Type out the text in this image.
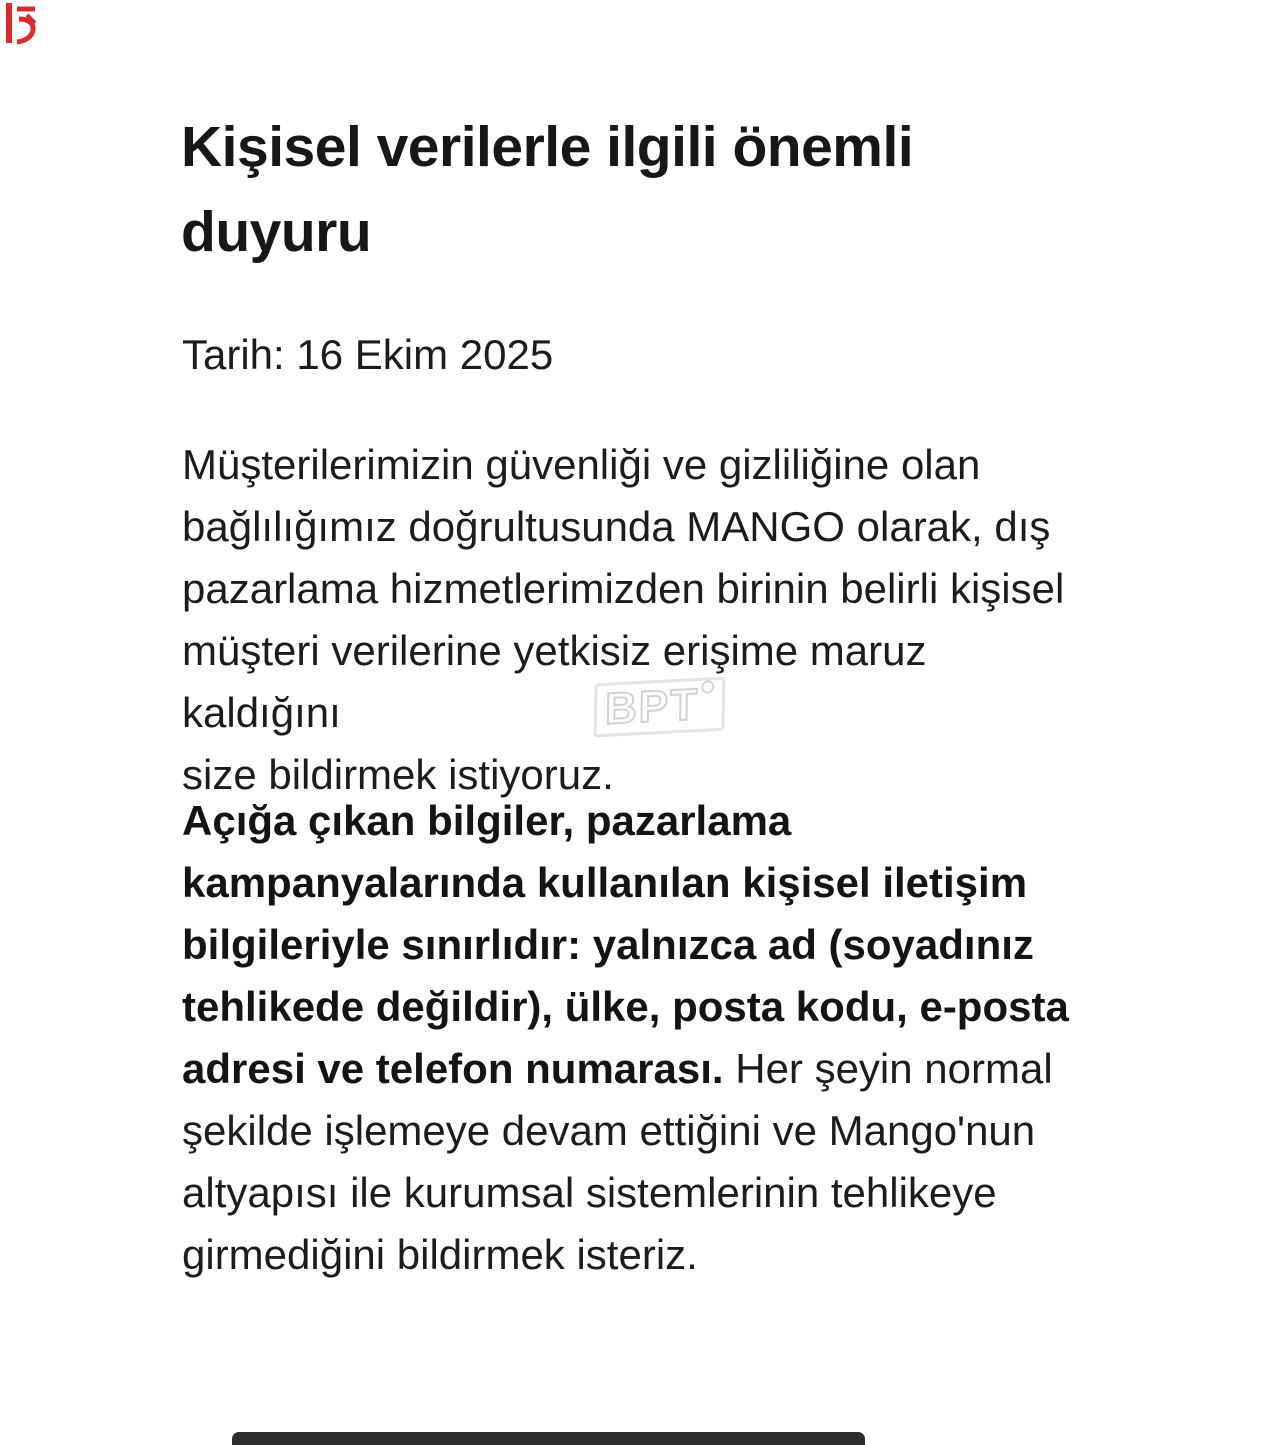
Kişisel verilerle ilgili önemli
duyuru
Tarih: 16 Ekim 2025
Müşterilerimizin güvenliği ve gizliliğine olan
bağlılığımız doğrultusunda MANGO olarak, dış
pazarlama hizmetlerimizden birinin belirli kişisel
müşteri verilerine yetkisiz erişime maruz kaldığını
size bildirmek istiyoruz.
BPT
Açığa çıkan bilgiler, pazarlama
kampanyalarında kullanılan kişisel iletişim
bilgileriyle sınırlıdır: yalnızca ad (soyadınız
tehlikede değildir), ülke, posta kodu, e-posta
adresi ve telefon numarası. Her şeyin normal
şekilde işlemeye devam ettiğini ve Mango'nun
altyapısı ile kurumsal sistemlerinin tehlikeye
girmediğini bildirmek isteriz.
